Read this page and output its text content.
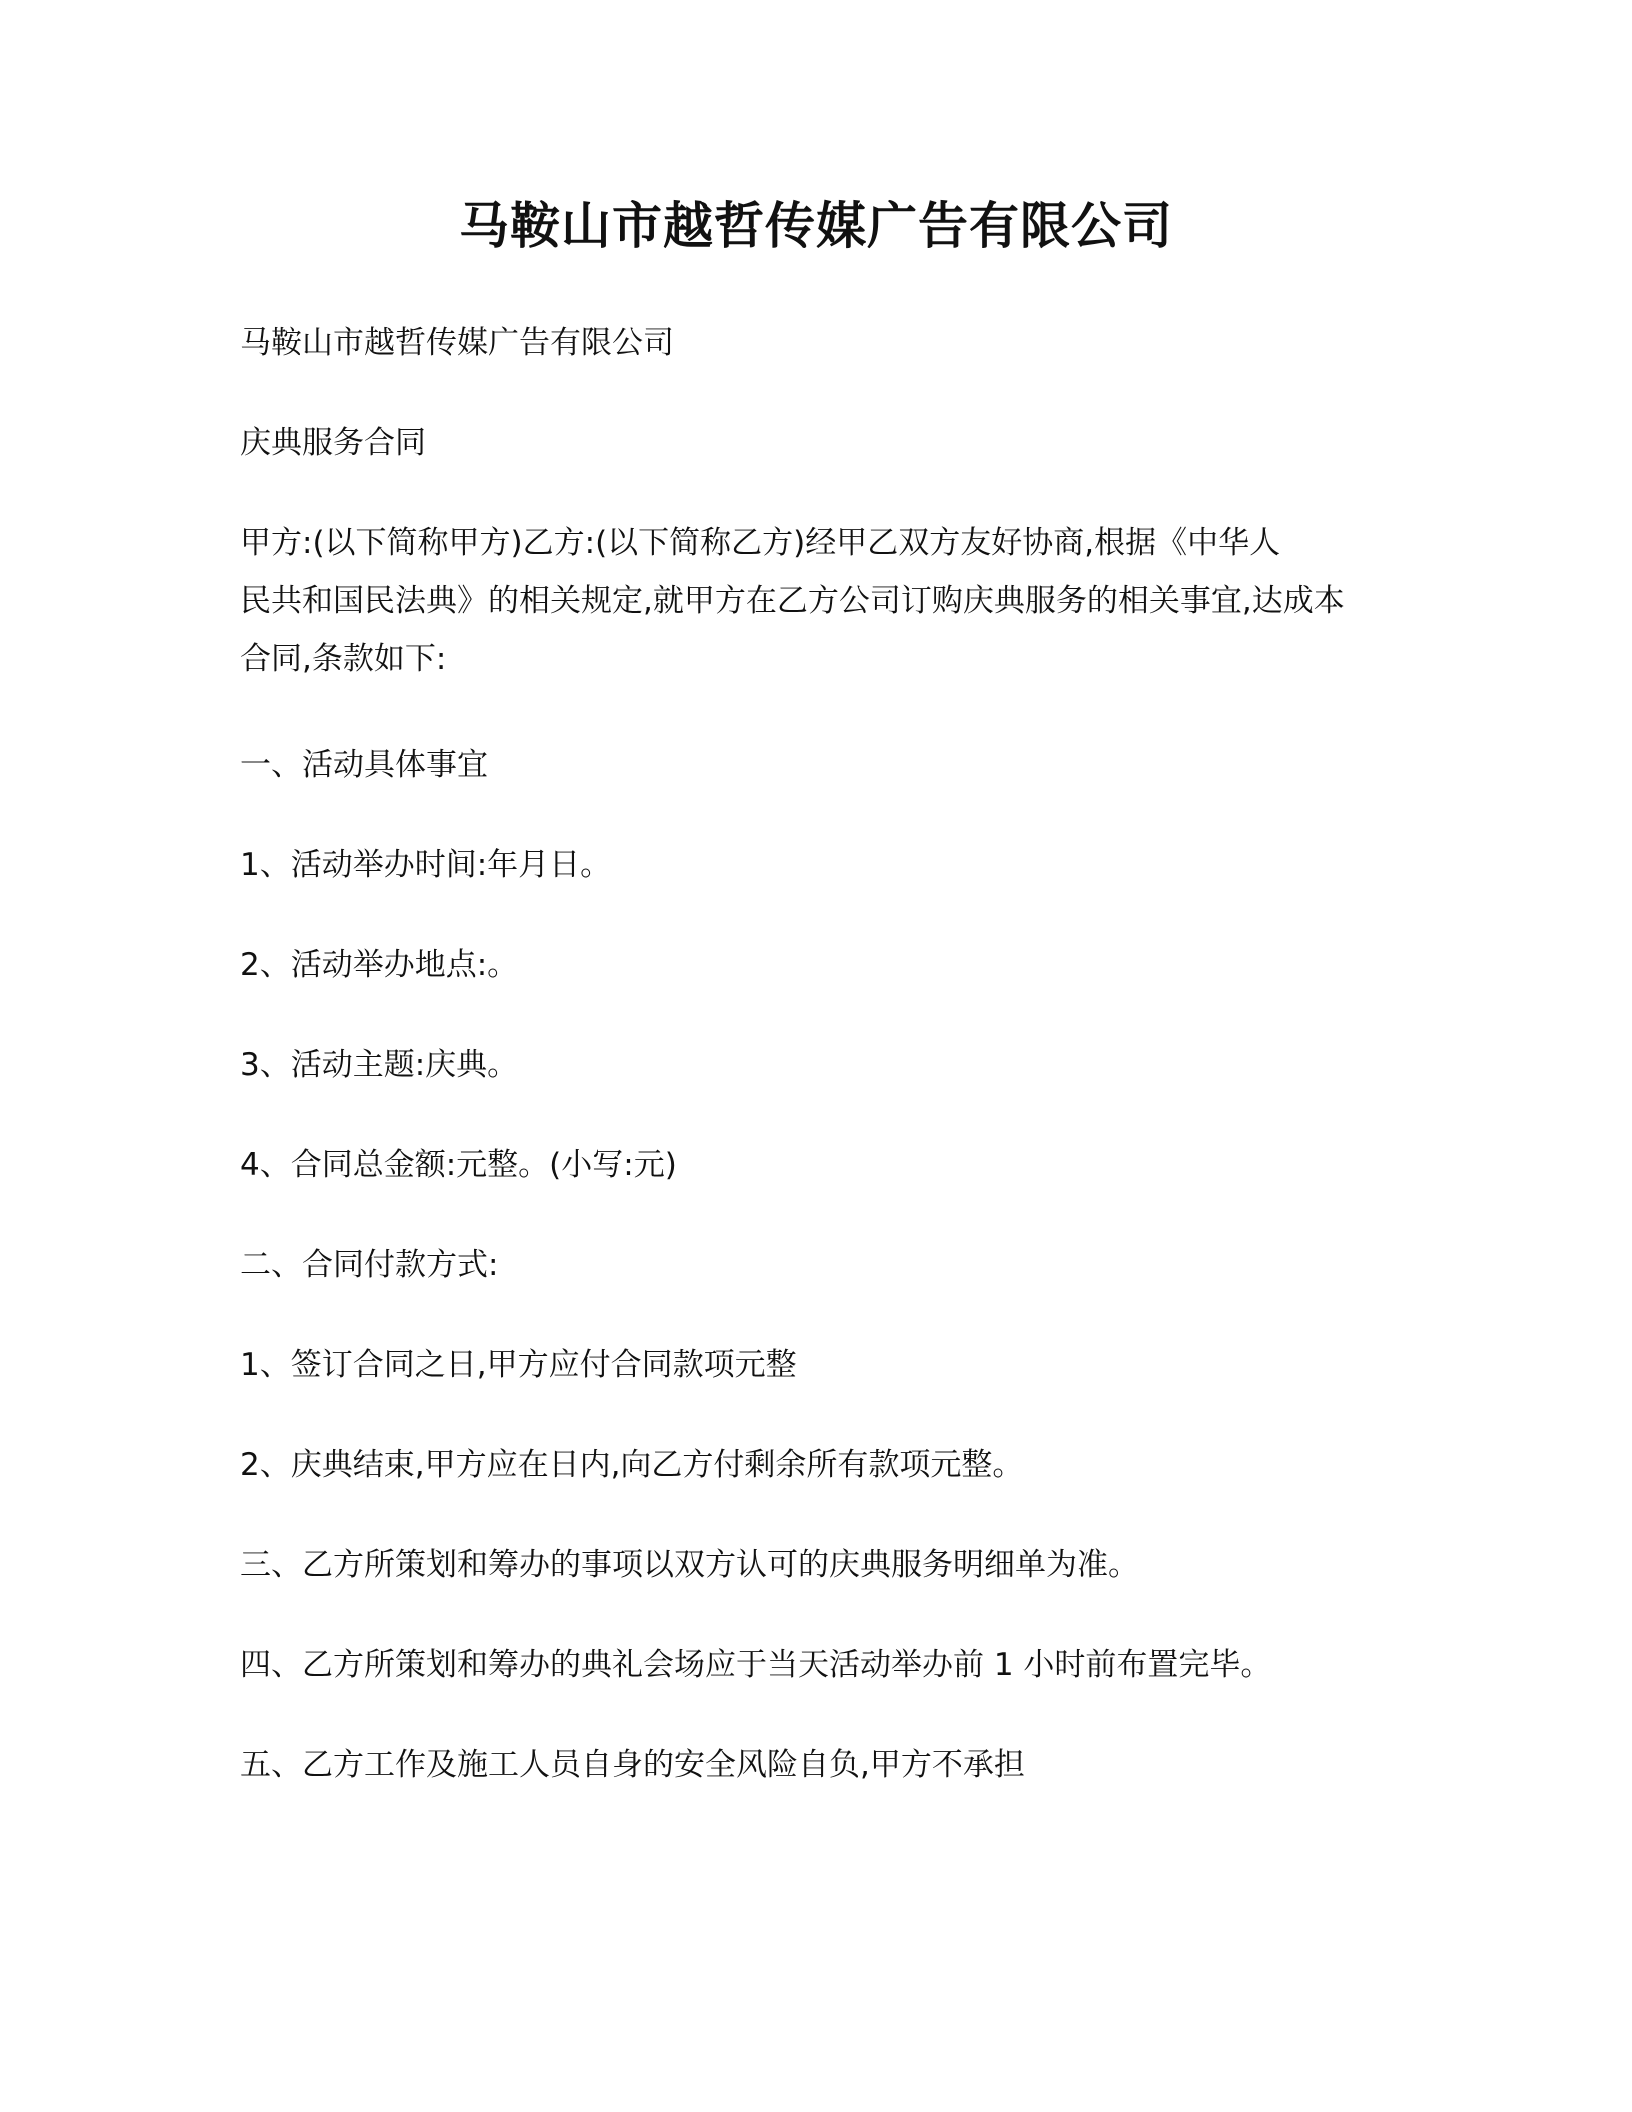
马鞍山市越哲传媒广告有限公司

马鞍山市越哲传媒广告有限公司

庆典服务合同

甲方:(以下简称甲方)乙方:(以下简称乙方)经甲乙双方友好协商,根据《中华人

民共和国民法典》的相关规定,就甲方在乙方公司订购庆典服务的相关事宜,达成本

合同,条款如下:

一、活动具体事宜

1、活动举办时间:年月日。

2、活动举办地点:。

3、活动主题:庆典。

4、合同总金额:元整。(小写:元)

二、合同付款方式:

1、签订合同之日,甲方应付合同款项元整

2、庆典结束,甲方应在日内,向乙方付剩余所有款项元整。

三、乙方所策划和筹办的事项以双方认可的庆典服务明细单为准。

四、乙方所策划和筹办的典礼会场应于当天活动举办前 1 小时前布置完毕。

五、乙方工作及施工人员自身的安全风险自负,甲方不承担
